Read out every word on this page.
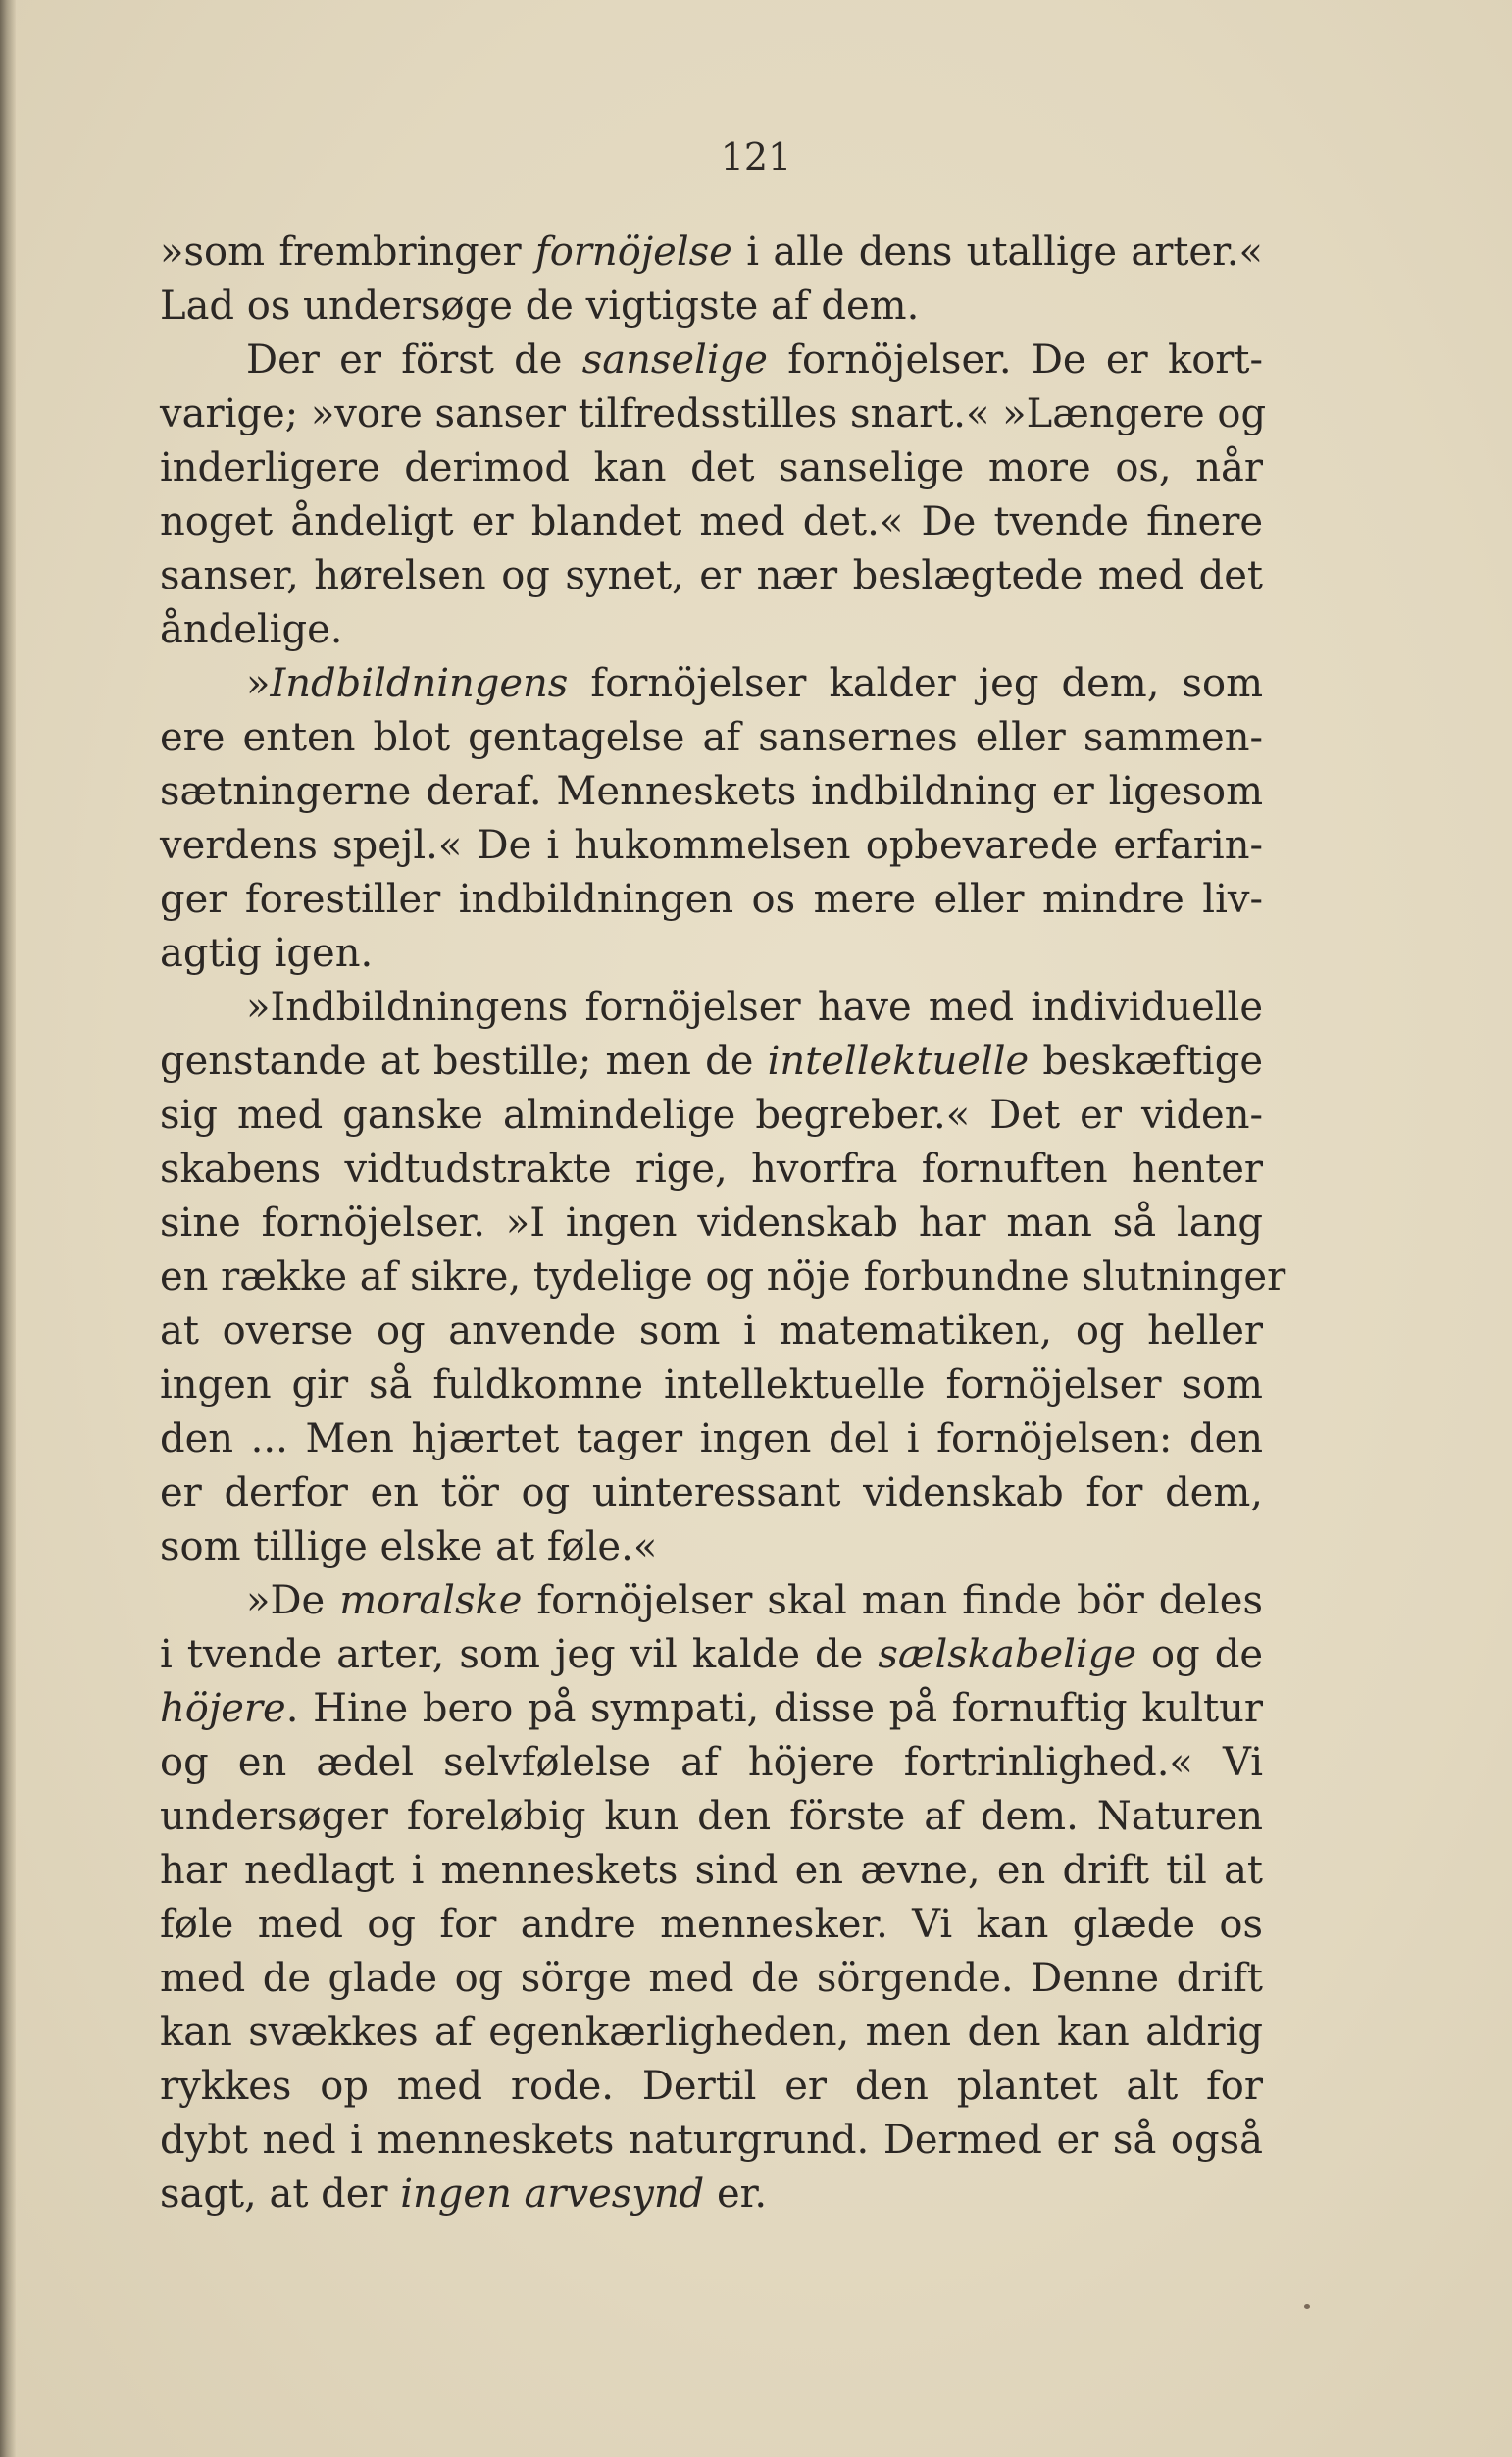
121

»som frembringer fornöjelse i alle dens utallige arter.«

Lad os undersøge de vigtigste af dem.

Der er först de sanselige fornöjelser. De er kort-

varige; »vore sanser tilfredsstilles snart.« »Længere og

inderligere derimod kan det sanselige more os, når

noget åndeligt er blandet med det.« De tvende finere

sanser, hørelsen og synet, er nær beslægtede med det

åndelige.

»Indbildningens fornöjelser kalder jeg dem, som

ere enten blot gentagelse af sansernes eller sammen-

sætningerne deraf. Menneskets indbildning er ligesom

verdens spejl.« De i hukommelsen opbevarede erfarin-

ger forestiller indbildningen os mere eller mindre liv-

agtig igen.

»Indbildningens fornöjelser have med individuelle

genstande at bestille; men de intellektuelle beskæftige

sig med ganske almindelige begreber.« Det er viden-

skabens vidtudstrakte rige, hvorfra fornuften henter

sine fornöjelser. »I ingen videnskab har man så lang

en række af sikre, tydelige og nöje forbundne slutninger

at overse og anvende som i matematiken, og heller

ingen gir så fuldkomne intellektuelle fornöjelser som

den ... Men hjærtet tager ingen del i fornöjelsen: den

er derfor en tör og uinteressant videnskab for dem,

som tillige elske at føle.«

»De moralske fornöjelser skal man finde bör deles

i tvende arter, som jeg vil kalde de sælskabelige og de

höjere. Hine bero på sympati, disse på fornuftig kultur

og en ædel selvfølelse af höjere fortrinlighed.« Vi

undersøger foreløbig kun den förste af dem. Naturen

har nedlagt i menneskets sind en ævne, en drift til at

føle med og for andre mennesker. Vi kan glæde os

med de glade og sörge med de sörgende. Denne drift

kan svækkes af egenkærligheden, men den kan aldrig

rykkes op med rode. Dertil er den plantet alt for

dybt ned i menneskets naturgrund. Dermed er så også

sagt, at der ingen arvesynd er.
